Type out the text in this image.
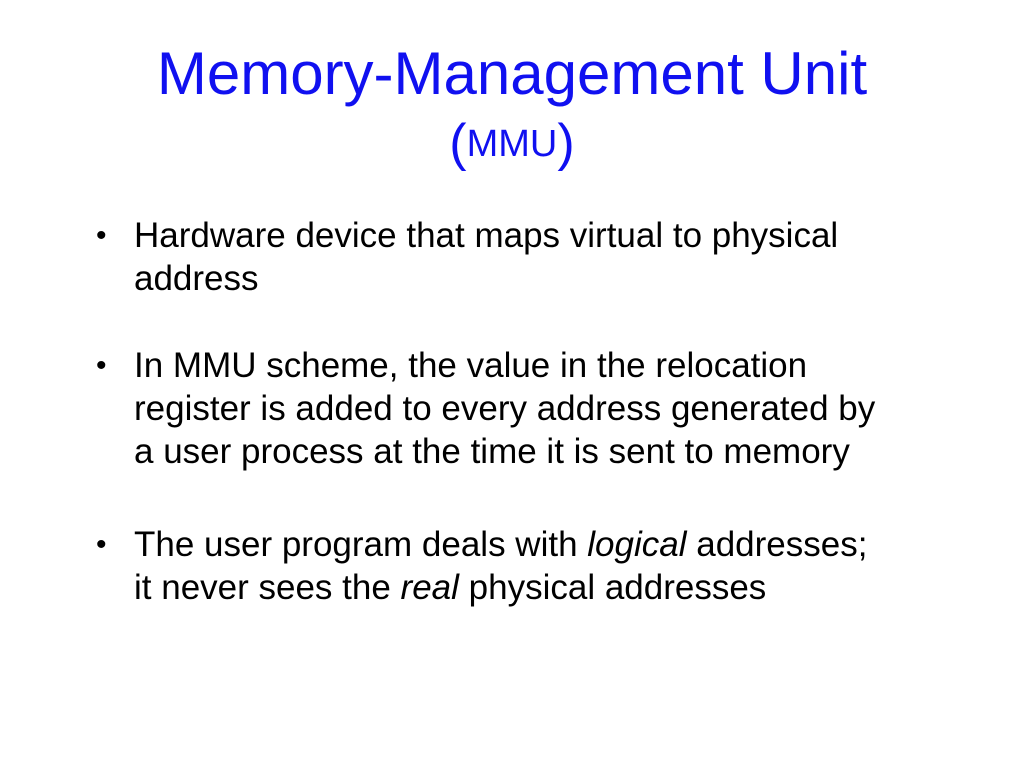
Memory-Management Unit
(MMU)
• Hardware device that maps virtual to physical address
• In MMU scheme, the value in the relocation register is added to every address generated by a user process at the time it is sent to memory
• The user program deals with logical addresses; it never sees the real physical addresses
